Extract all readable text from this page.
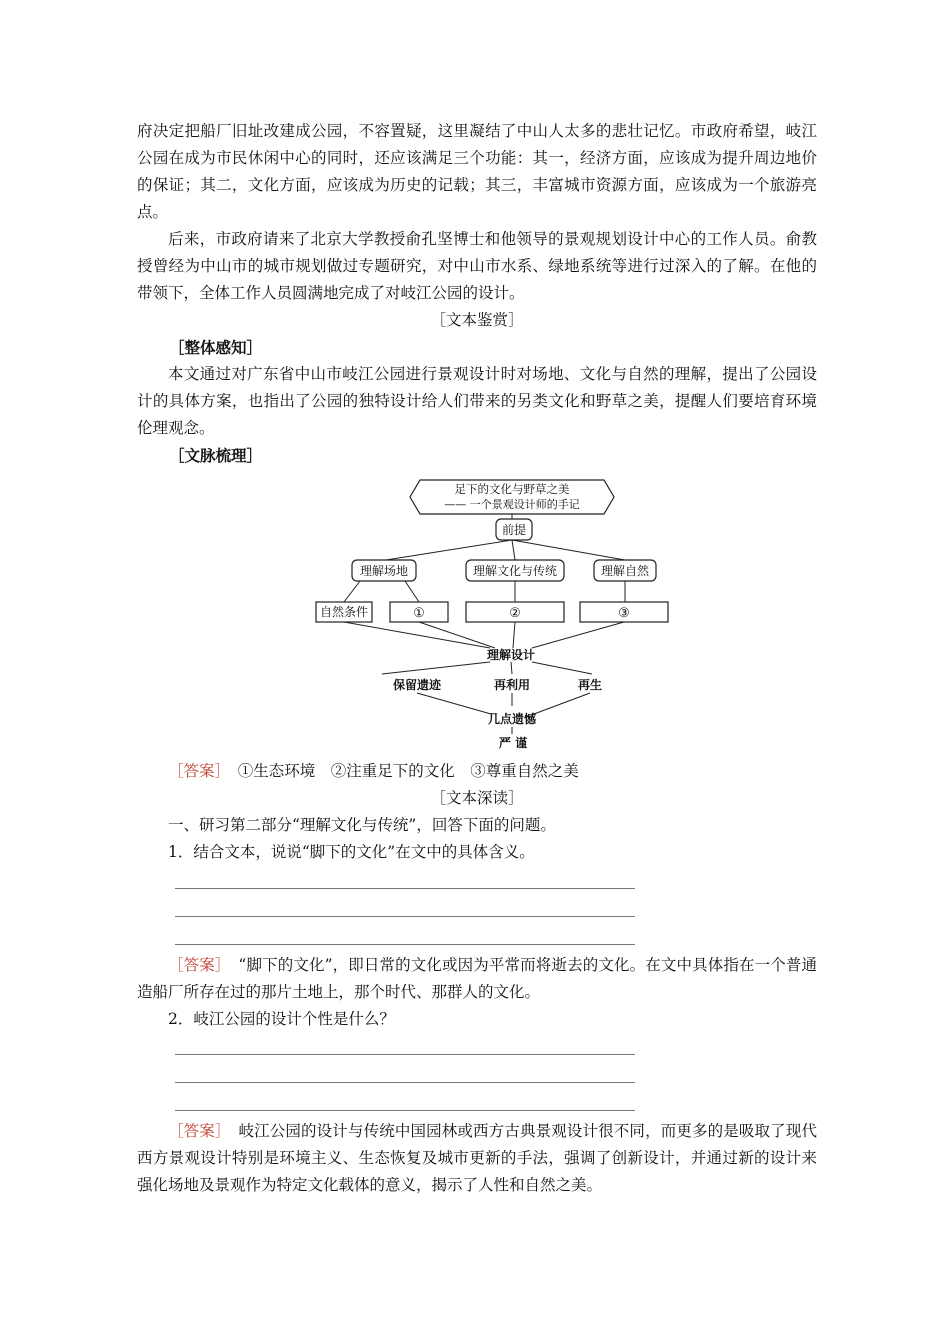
府决定把船厂旧址改建成公园，不容置疑，这里凝结了中山人太多的悲壮记忆。市政府希望，岐江公园在成为市民休闲中心的同时，还应该满足三个功能：其一，经济方面，应该成为提升周边地价的保证；其二，文化方面，应该成为历史的记载；其三，丰富城市资源方面，应该成为一个旅游亮点。

后来，市政府请来了北京大学教授俞孔坚博士和他领导的景观规划设计中心的工作人员。俞教授曾经为中山市的城市规划做过专题研究，对中山市水系、绿地系统等进行过深入的了解。在他的带领下，全体工作人员圆满地完成了对岐江公园的设计。

［文本鉴赏］

［整体感知］

本文通过对广东省中山市岐江公园进行景观设计时对场地、文化与自然的理解，提出了公园设计的具体方案，也指出了公园的独特设计给人们带来的另类文化和野草之美，提醒人们要培育环境伦理观念。

［文脉梳理］

足下的文化与野草之美
—— 一个景观设计师的手记
前提
理解场地	理解文化与传统	理解自然
自然条件	①	②	③
理解设计
保留遗迹	再利用	再生
几点遗憾
严 谨

［答案］　 ①生态环境　②注重足下的文化　③尊重自然之美

［文本深读］

一、研习第二部分“理解文化与传统”，回答下面的问题。

1．结合文本，说说“脚下的文化”在文中的具体含义。

［答案］　 “脚下的文化”，即日常的文化或因为平常而将逝去的文化。在文中具体指在一个普通造船厂所存在过的那片土地上，那个时代、那群人的文化。

2．岐江公园的设计个性是什么？

［答案］　 岐江公园的设计与传统中国园林或西方古典景观设计很不同，而更多的是吸取了现代西方景观设计特别是环境主义、生态恢复及城市更新的手法，强调了创新设计，并通过新的设计来强化场地及景观作为特定文化载体的意义，揭示了人性和自然之美。
